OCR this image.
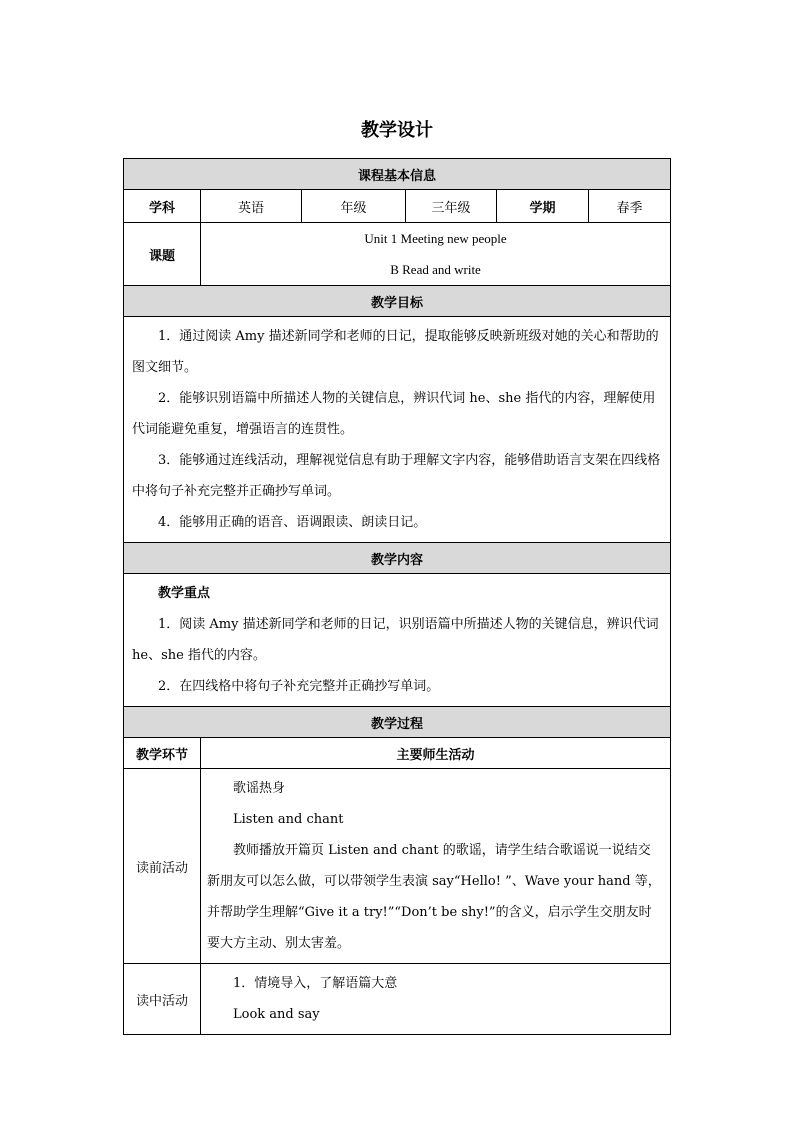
教学设计
课程基本信息					
学科	英语	年级	三年级	学期	春季
课题	Unit 1 Meeting new people
B Read and write				

教学目标					

1．通过阅读 Amy 描述新同学和老师的日记，提取能够反映新班级对她的关心和帮助的图文细节。

2．能够识别语篇中所描述人物的关键信息，辨识代词 he、she 指代的内容，理解使用代词能避免重复，增强语言的连贯性。

3．能够通过连线活动，理解视觉信息有助于理解文字内容，能够借助语言支架在四线格中将句子补充完整并正确抄写单词。

4．能够用正确的语音、语调跟读、朗读日记。					

教学内容					

教学重点

1．阅读 Amy 描述新同学和老师的日记，识别语篇中所描述人物的关键信息，辨识代词 he、she 指代的内容。

2．在四线格中将句子补充完整并正确抄写单词。					

教学过程					
教学环节	主要师生活动				
读前活动	歌谣热身

Listen and chant

教师播放开篇页 Listen and chant 的歌谣，请学生结合歌谣说一说结交新朋友可以怎么做，可以带领学生表演 say“Hello! ”、Wave your hand 等，并帮助学生理解“Give it a try!”“Don’t be shy!”的含义，启示学生交朋友时要大方主动、别太害羞。				

读中活动	1．情境导入，了解语篇大意

Look and say				
